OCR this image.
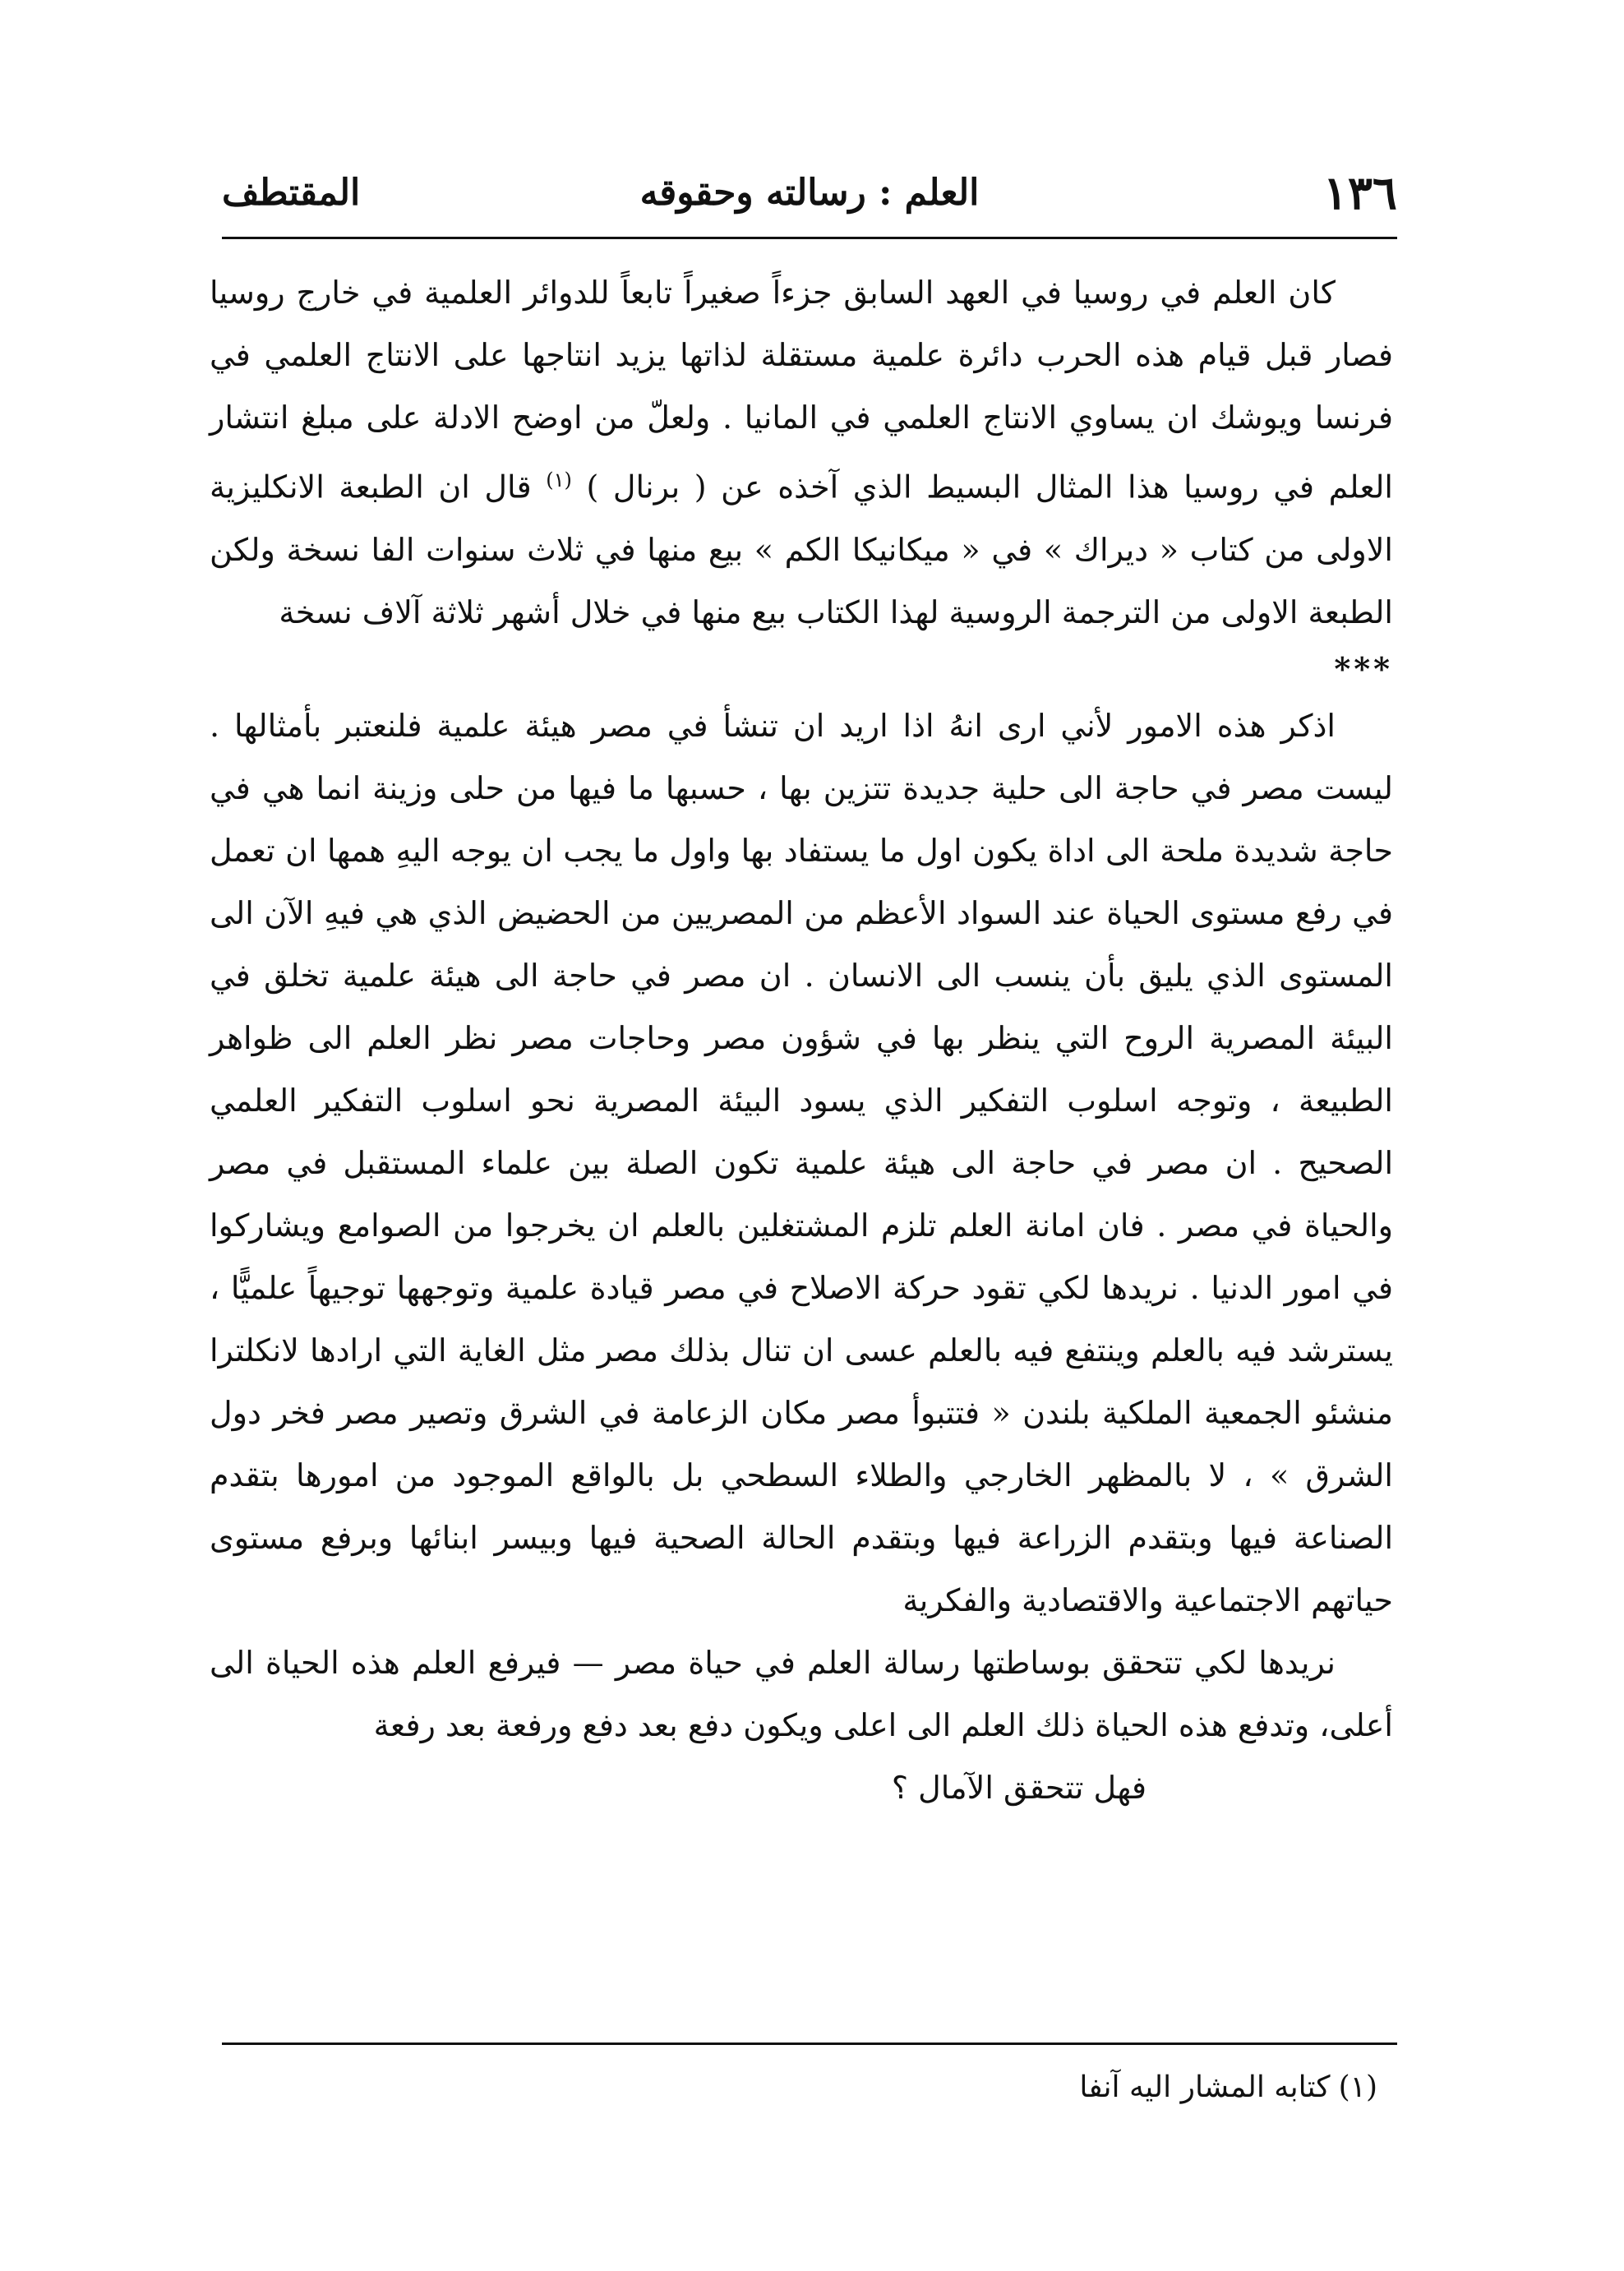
١٣٦
العلم : رسالته وحقوقه
المقتطف

كان العلم في روسيا في العهد السابق جزءاً صغيراً تابعاً للدوائر العلمية في خارج روسيا فصار قبل قيام هذه الحرب دائرة علمية مستقلة لذاتها يزيد انتاجها على الانتاج العلمي في فرنسا ويوشك ان يساوي الانتاج العلمي في المانيا . ولعلّ من اوضح الادلة على مبلغ انتشار العلم في روسيا هذا المثال البسيط الذي آخذه عن ( برنال ) $^{(١)}$ قال ان الطبعة الانكليزية الاولى من كتاب « ديراك » في « ميكانيكا الكم » بيع منها في ثلاث سنوات الفا نسخة ولكن الطبعة الاولى من الترجمة الروسية لهذا الكتاب بيع منها في خلال أشهر ثلاثة آلاف نسخة

***

اذكر هذه الامور لأني ارى انهُ اذا اريد ان تنشأ في مصر هيئة علمية فلنعتبر بأمثالها . ليست مصر في حاجة الى حلية جديدة تتزين بها ، حسبها ما فيها من حلى وزينة انما هي في حاجة شديدة ملحة الى اداة يكون اول ما يستفاد بها واول ما يجب ان يوجه اليهِ همها ان تعمل في رفع مستوى الحياة عند السواد الأعظم من المصريين من الحضيض الذي هي فيهِ الآن الى المستوى الذي يليق بأن ينسب الى الانسان . ان مصر في حاجة الى هيئة علمية تخلق في البيئة المصرية الروح التي ينظر بها في شؤون مصر وحاجات مصر نظر العلم الى ظواهر الطبيعة ، وتوجه اسلوب التفكير الذي يسود البيئة المصرية نحو اسلوب التفكير العلمي الصحيح . ان مصر في حاجة الى هيئة علمية تكون الصلة بين علماء المستقبل في مصر والحياة في مصر . فان امانة العلم تلزم المشتغلين بالعلم ان يخرجوا من الصوامع ويشاركوا في امور الدنيا . نريدها لكي تقود حركة الاصلاح في مصر قيادة علمية وتوجهها توجيهاً علميًّا ، يسترشد فيه بالعلم وينتفع فيه بالعلم عسى ان تنال بذلك مصر مثل الغاية التي ارادها لانكلترا منشئو الجمعية الملكية بلندن « فتتبوأ مصر مكان الزعامة في الشرق وتصير مصر فخر دول الشرق » ، لا بالمظهر الخارجي والطلاء السطحي بل بالواقع الموجود من امورها بتقدم الصناعة فيها وبتقدم الزراعة فيها وبتقدم الحالة الصحية فيها وبيسر ابنائها وبرفع مستوى حياتهم الاجتماعية والاقتصادية والفكرية

نريدها لكي تتحقق بوساطتها رسالة العلم في حياة مصر — فيرفع العلم هذه الحياة الى أعلى، وتدفع هذه الحياة ذلك العلم الى اعلى ويكون دفع بعد دفع ورفعة بعد رفعة

فهل تتحقق الآمال ؟

(١)كتابه المشار اليه آنفا
